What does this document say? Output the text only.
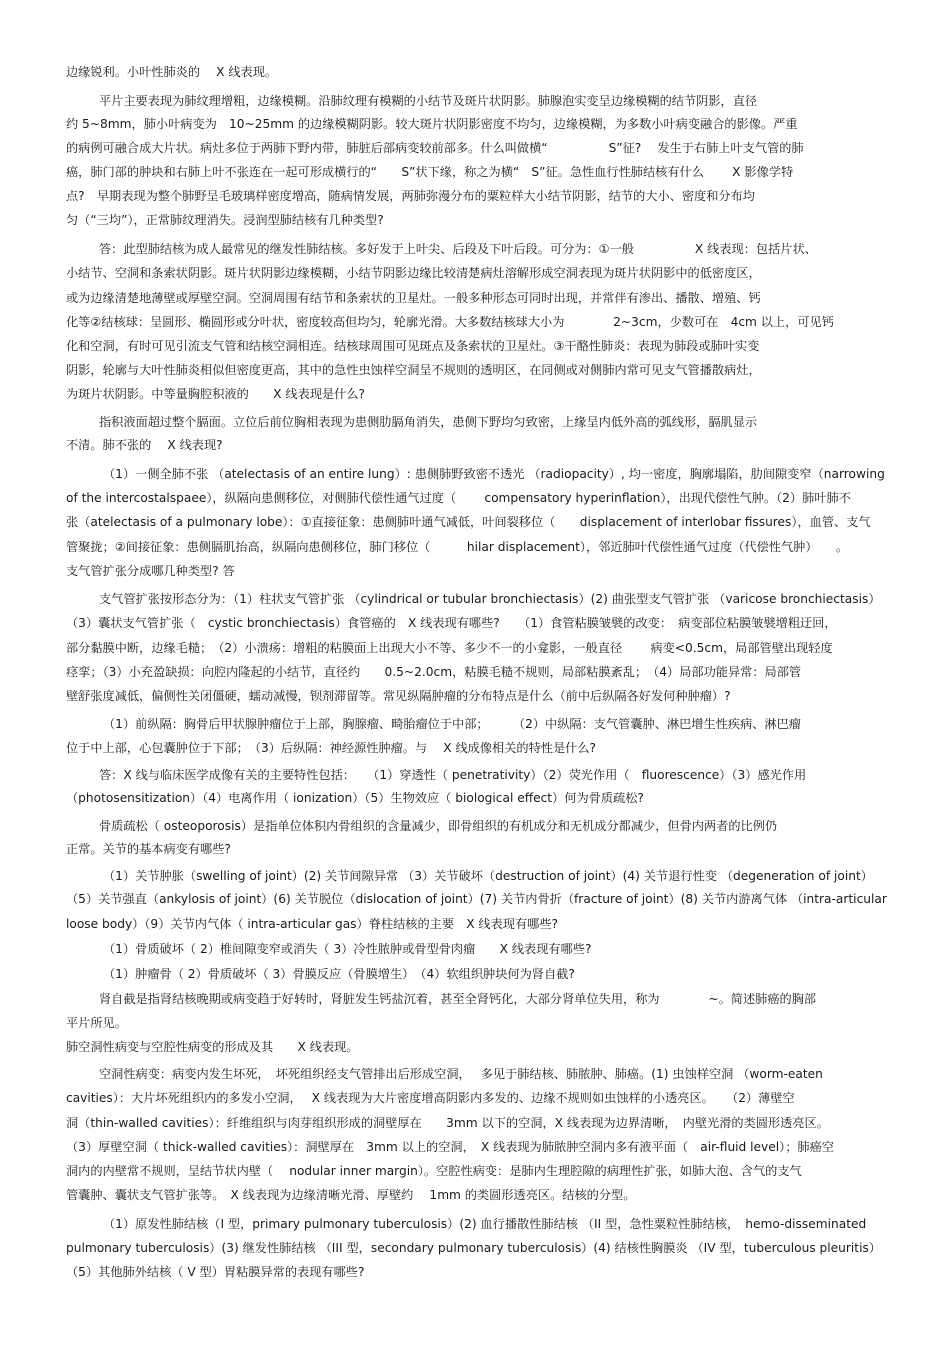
边缘锐利。小叶性肺炎的　 X 线表现。

平片主要表现为肺纹理增粗，边缘模糊。沿肺纹理有模糊的小结节及斑片状阴影。肺腺泡实变呈边缘模糊的结节阴影，直径

约 5~8mm，肺小叶病变为　10~25mm 的边缘模糊阴影。较大斑片状阴影密度不均匀，边缘模糊，为多数小叶病变融合的影像。严重

的病例可融合成大片状。病灶多位于两肺下野内带，肺脏后部病变较前部多。什么叫做横“　　　　　S”征?　 发生于右肺上叶支气管的肺

癌，肺门部的肿块和右肺上叶不张连在一起可形成横行的“　　S”状下缘，称之为横“　S”征。急性血行性肺结核有什么　　 X 影像学特

点?　早期表现为整个肺野呈毛玻璃样密度增高，随病情发展，两肺弥漫分布的粟粒样大小结节阴影，结节的大小、密度和分布均

匀（“三均”），正常肺纹理消失。浸润型肺结核有几种类型?

答：此型肺结核为成人最常见的继发性肺结核。多好发于上叶尖、后段及下叶后段。可分为：①一般　　　　　X 线表现：包括片状、

小结节、空洞和条索状阴影。斑片状阴影边缘模糊，小结节阴影边缘比较清楚病灶溶解形成空洞表现为斑片状阴影中的低密度区，

或为边缘清楚地薄壁或厚壁空洞。空洞周围有结节和条索状的卫星灶。一般多种形态可同时出现，并常伴有渗出、播散、增殖、钙

化等②结核球：呈圆形、椭圆形或分叶状，密度较高但均匀，轮廓光滑。大多数结核球大小为　　　　2~3cm，少数可在　4cm 以上，可见钙

化和空洞，有时可见引流支气管和结核空洞相连。结核球周围可见斑点及条索状的卫星灶。③干酪性肺炎：表现为肺段或肺叶实变

阴影，轮廓与大叶性肺炎相似但密度更高，其中的急性虫蚀样空洞呈不规则的透明区，在同侧或对侧肺内常可见支气管播散病灶，

为斑片状阴影。中等量胸腔积液的　　X 线表现是什么?

指积液面超过整个膈面。立位后前位胸相表现为患侧肋膈角消失，患侧下野均匀致密，上缘呈内低外高的弧线形，膈肌显示

不清。肺不张的　 X 线表现?

（1）一侧全肺不张 （atelectasis of an entire lung）: 患侧肺野致密不透光 （radiopacity）, 均一密度，胸廓塌陷，肋间隙变窄（narrowing

of the intercostalspaee），纵隔向患侧移位，对侧肺代偿性通气过度（　　 compensatory hyperinflation），出现代偿性气肿。（2）肺叶肺不

张（atelectasis of a pulmonary lobe）：①直接征象：患侧肺叶通气减低，叶间裂移位（　　displacement of interlobar fissures），血管、支气

管聚拢；②间接征象：患侧膈肌抬高，纵隔向患侧移位，肺门移位（　　　hilar displacement），邻近肺叶代偿性通气过度（代偿性气肿）　　。

支气管扩张分成哪几种类型? 答

支气管扩张按形态分为：（1）柱状支气管扩张 （cylindrical or tubular bronchiectasis）(2) 曲张型支气管扩张 （varicose bronchiectasis）

（3）囊状支气管扩张（　cystic bronchiectasis）食管癌的　X 线表现有哪些?　　（1）食管粘膜皱襞的改变：　病变部位粘膜皱襞增粗迂回，

部分黏膜中断，边缘毛糙；　（2）小溃疡：增粗的粘膜面上出现大小不等、多少不一的小龛影，一般直径　　 病变<0.5cm，局部管壁出现轻度

痉挛；（3）小充盈缺损：向腔内隆起的小结节，直径约　　0.5~2.0cm，粘膜毛糙不规则，局部粘膜紊乱；　（4）局部功能异常：局部管

壁舒张度减低，偏侧性关闭僵硬，蠕动减慢，钡剂滞留等。常见纵隔肿瘤的分布特点是什么（前中后纵隔各好发何种肿瘤）?

（1）前纵隔：胸骨后甲状腺肿瘤位于上部，胸腺瘤、畸胎瘤位于中部；　　　（2）中纵隔：支气管囊肿、淋巴增生性疾病、淋巴瘤

位于中上部，心包囊肿位于下部；　（3）后纵隔：神经源性肿瘤。与　 X 线成像相关的特性是什么?

答：X 线与临床医学成像有关的主要特性包括：　　（1）穿透性（ penetrativity）（2）荧光作用（　fluorescence）（3）感光作用

（photosensitization）（4）电离作用（ ionization）（5）生物效应（ biological effect）何为骨质疏松?

骨质疏松（ osteoporosis）是指单位体积内骨组织的含量减少，即骨组织的有机成分和无机成分都减少，但骨内两者的比例仍

正常。关节的基本病变有哪些?

（1）关节肿胀（swelling of joint）(2) 关节间隙异常 （3）关节破坏（destruction of joint）(4) 关节退行性变 （degeneration of joint）

（5）关节强直（ankylosis of joint）(6) 关节脱位（dislocation of joint）(7) 关节内骨折（fracture of joint）(8) 关节内游离气体 （intra-articular

loose body）（9）关节内气体（ intra-articular gas）脊柱结核的主要　X 线表现有哪些?

（1）骨质破坏（ 2）椎间隙变窄或消失（ 3）冷性脓肿或骨型骨肉瘤　　X 线表现有哪些?

（1）肿瘤骨（ 2）骨质破坏（ 3）骨膜反应（骨膜增生）　（4）软组织肿块何为肾自截?

肾自截是指肾结核晚期或病变趋于好转时，肾脏发生钙盐沉着，甚至全肾钙化，大部分肾单位失用，称为　　　　~。简述肺癌的胸部

平片所见。

肺空洞性病变与空腔性病变的形成及其　　X 线表现。

空洞性病变：病变内发生坏死，　坏死组织经支气管排出后形成空洞，　 多见于肺结核、肺脓肿、肺癌。(1) 虫蚀样空洞 （worm-eaten

cavities）：大片坏死组织内的多发小空洞，　 X 线表现为大片密度增高阴影内多发的、边缘不规则如虫蚀样的小透亮区。　　（2）薄壁空

洞（thin-walled cavities）：纤维组织与肉芽组织形成的洞壁厚在　　3mm 以下的空洞，X 线表现为边界清晰，　内壁光滑的类圆形透亮区。

（3）厚壁空洞（ thick-walled cavities）：洞壁厚在　3mm 以上的空洞，　X 线表现为肺脓肿空洞内多有液平面（　air-fluid level）；肺癌空

洞内的内壁常不规则，呈结节状内壁（　 nodular inner margin）。空腔性病变：是肺内生理腔隙的病理性扩张，如肺大泡、含气的支气

管囊肿、囊状支气管扩张等。　X 线表现为边缘清晰光滑、厚壁约　 1mm 的类圆形透亮区。结核的分型。

（1）原发性肺结核（I 型，primary pulmonary tuberculosis）(2) 血行播散性肺结核 （II 型，急性粟粒性肺结核，　hemo-disseminated

pulmonary tuberculosis）(3) 继发性肺结核 （III 型，secondary pulmonary tuberculosis）(4) 结核性胸膜炎 （IV 型，tuberculous pleuritis）

（5）其他肺外结核（ V 型）胃粘膜异常的表现有哪些?
